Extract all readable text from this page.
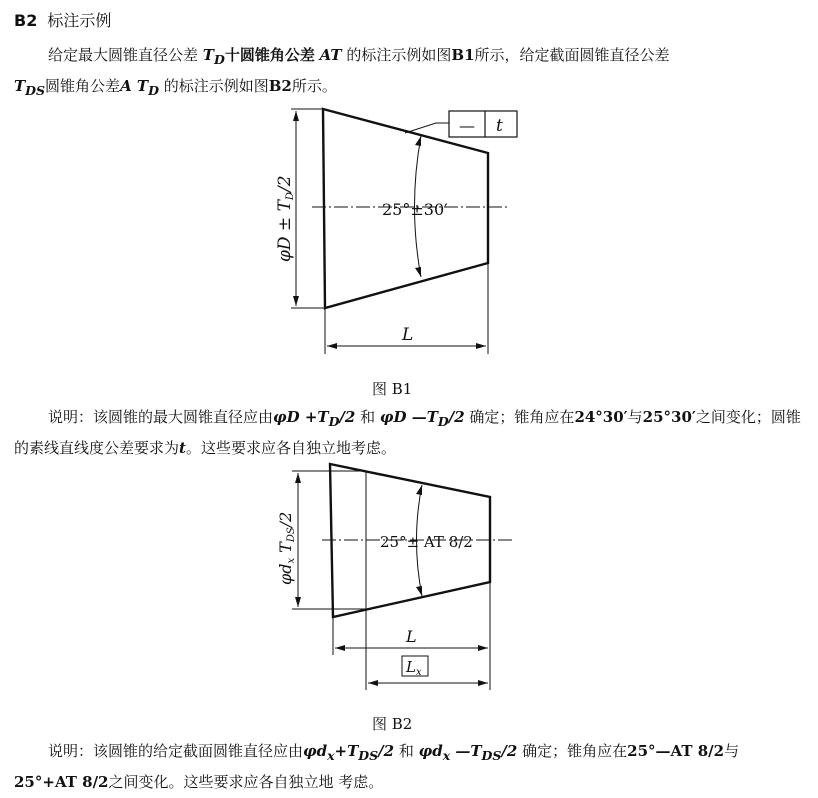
B2 标注示例
给定最大圆锥直径公差 $T_D$十圆锥角公差 AT 的标注示例如图B1所示，给定截面圆锥直径公差
$T_{DS}$圆锥角公差A $T_D$ 的标注示例如图B2所示。
25°±30′
L
— t
φD ± TD/2
图 B1
说明：该圆锥的最大圆锥直径应由$\varphi D +T_D/2$ 和 φD $—T_D/2$ 确定；锥角应在24°30′与25°30′之间变化；圆锥的素线直线度公差要求为t。这些要求应各自独立地考虑。
25°± AT 8/2
L
$L_x$
φdx TDS/2
图 B2
说明：该圆锥的给定截面圆锥直径应由$\varphi d_x+T_{DS}/2$ 和 $\varphi d_x$ $—T_{DS}/2$ 确定；锥角应在25°—AT 8/2与
25°+AT 8/2之间变化。这些要求应各自独立地 考虑。
